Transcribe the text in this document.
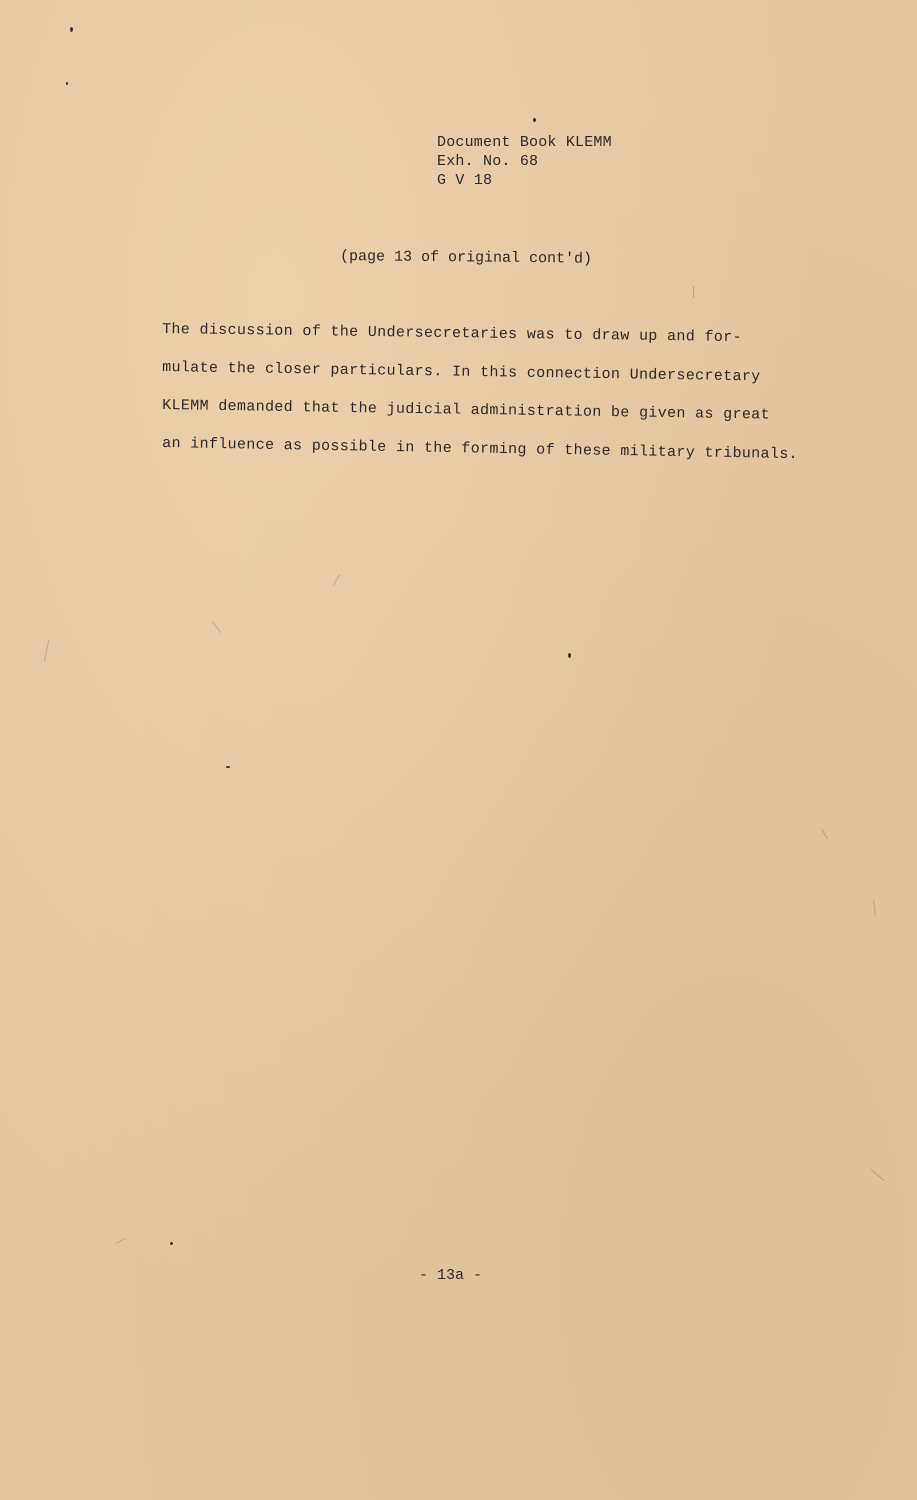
Document Book KLEMM
Exh. No. 68
G V 18
(page 13 of original cont'd)
The discussion of the Undersecretaries was to draw up and for-
mulate the closer particulars. In this connection Undersecretary
KLEMM demanded that the judicial administration be given as great
an influence as possible in the forming of these military tribunals.
- 13a -
